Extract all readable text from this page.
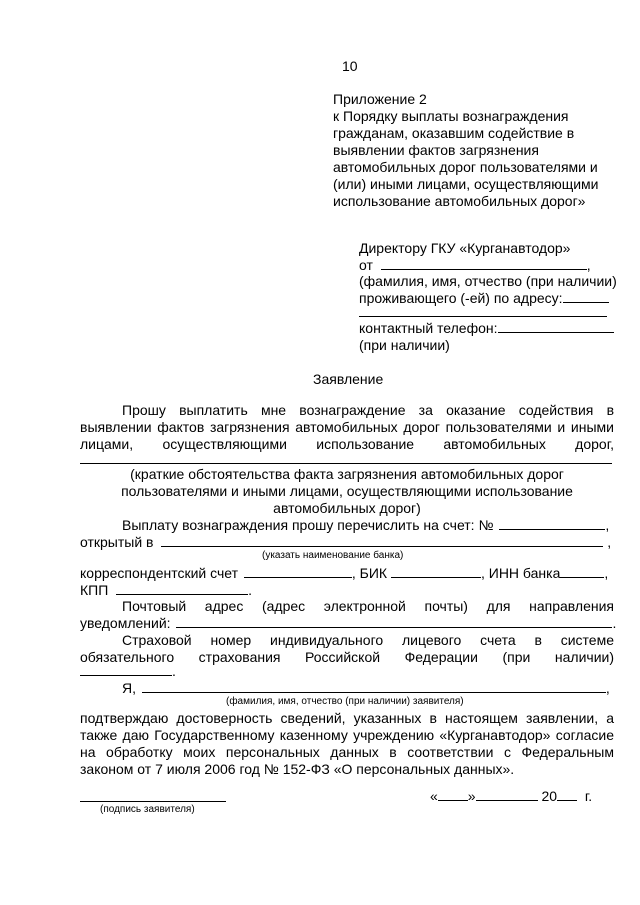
10
Приложение 2
к Порядку выплаты вознаграждения
гражданам, оказавшим содействие в
выявлении фактов загрязнения
автомобильных дорог пользователями и
(или) иными лицами, осуществляющими
использование автомобильных дорог»
Директору ГКУ «Курганавтодор»
от	,
(фамилия, имя, отчество (при наличии)
проживающего (-ей) по адресу:
контактный телефон:
(при наличии)
Заявление
Прошу выплатить мне вознаграждение за оказание содействия в
выявлении фактов загрязнения автомобильных дорог пользователями и иными
лицами, осуществляющими использование автомобильных дорог,
(краткие обстоятельства факта загрязнения автомобильных дорог
пользователями и иными лицами, осуществляющими использование
автомобильных дорог)
Выплату вознаграждения прошу перечислить на счет: №	,
открытый в	,
(указать наименование банка)
корреспондентский счет	, БИК	, ИНН банка	,
КПП	.
Почтовый адрес (адрес электронной почты) для направления
уведомлений:	.
Страховой номер индивидуального лицевого счета в системе
обязательного страхования Российской Федерации (при наличии)
.
Я,	,
(фамилия, имя, отчество (при наличии) заявителя)
подтверждаю достоверность сведений, указанных в настоящем заявлении, а
также даю Государственному казенному учреждению «Курганавтодор» согласие
на обработку моих персональных данных в соответствии с Федеральным
законом от 7 июля 2006 год № 152-ФЗ «О персональных данных».
(подпись заявителя)
« »	20 г.
